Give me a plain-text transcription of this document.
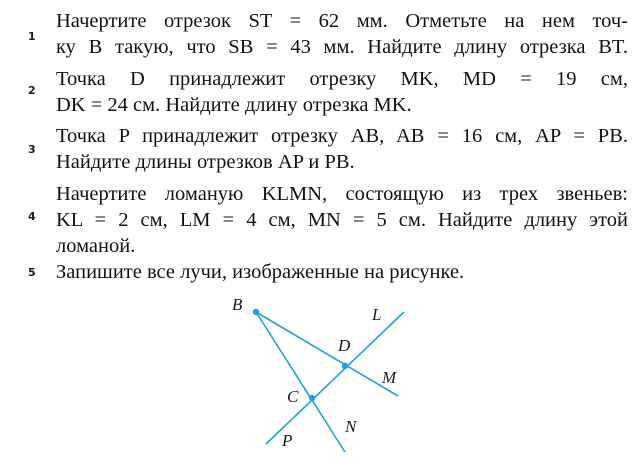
1
Начертите отрезок ST = 62 мм. Отметьте на нем точ-
ку B такую, что SB = 43 мм. Найдите длину отрезка BT.
2
Точка D принадлежит отрезку MK, MD = 19 см,
DK = 24 см. Найдите длину отрезка MK.
3
Точка P принадлежит отрезку AB, AB = 16 см, AP = PB.
Найдите длины отрезков AP и PB.
4
Начертите ломаную KLMN, состоящую из трех звеньев:
KL = 2 см, LM = 4 см, MN = 5 см. Найдите длину этой
ломаной.
5 Запишите все лучи, изображенные на рисунке.
B
L
D
M
C
N
P
